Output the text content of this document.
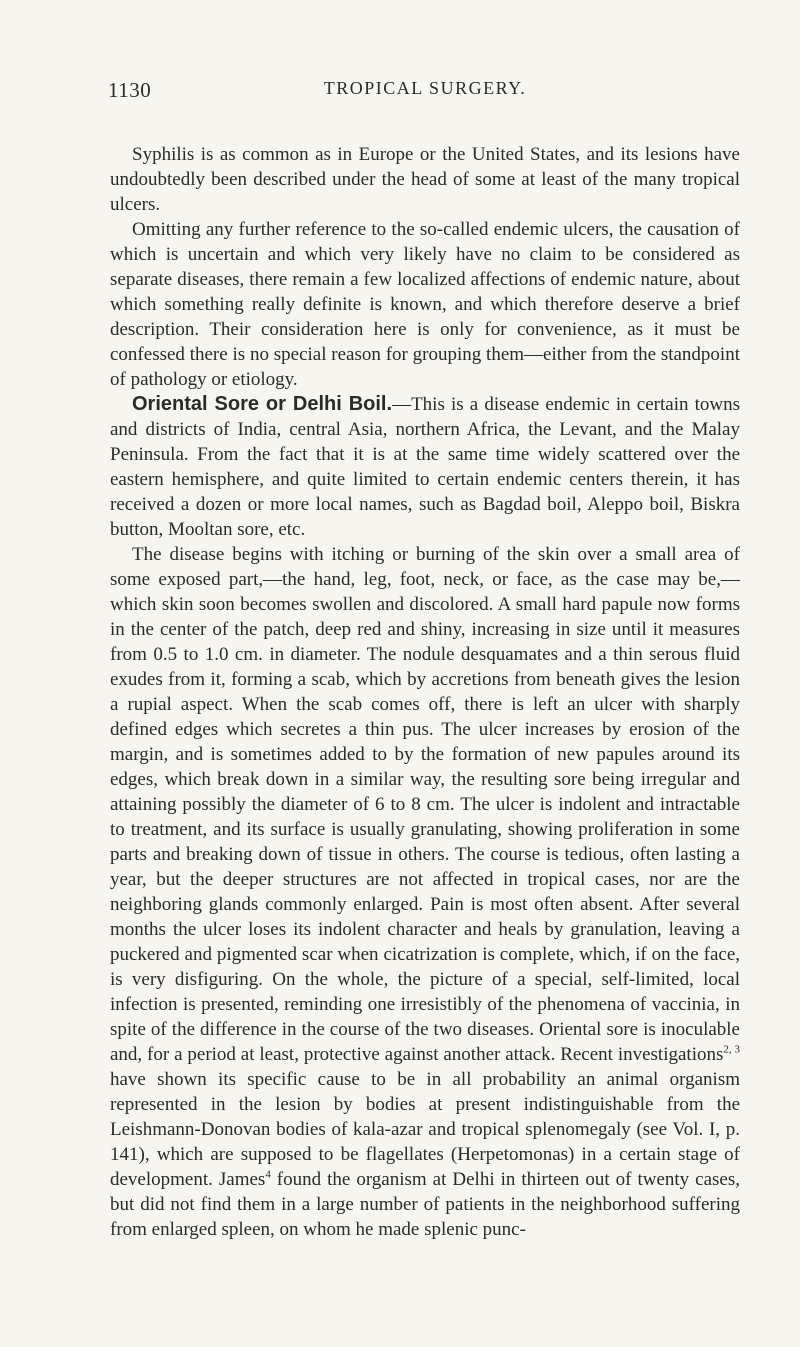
1130	TROPICAL SURGERY.

Syphilis is as common as in Europe or the United States, and its lesions have undoubtedly been described under the head of some at least of the many tropical ulcers.

Omitting any further reference to the so-called endemic ulcers, the causation of which is uncertain and which very likely have no claim to be considered as separate diseases, there remain a few localized affections of endemic nature, about which something really definite is known, and which therefore deserve a brief description. Their consideration here is only for convenience, as it must be confessed there is no special reason for grouping them—either from the standpoint of pathology or etiology.

Oriental Sore or Delhi Boil.—This is a disease endemic in certain towns and districts of India, central Asia, northern Africa, the Levant, and the Malay Peninsula. From the fact that it is at the same time widely scattered over the eastern hemisphere, and quite limited to certain endemic centers therein, it has received a dozen or more local names, such as Bagdad boil, Aleppo boil, Biskra button, Mooltan sore, etc.

The disease begins with itching or burning of the skin over a small area of some exposed part,—the hand, leg, foot, neck, or face, as the case may be,—which skin soon becomes swollen and discolored. A small hard papule now forms in the center of the patch, deep red and shiny, increasing in size until it measures from 0.5 to 1.0 cm. in diameter. The nodule desquamates and a thin serous fluid exudes from it, forming a scab, which by accretions from beneath gives the lesion a rupial aspect. When the scab comes off, there is left an ulcer with sharply defined edges which secretes a thin pus. The ulcer increases by erosion of the margin, and is sometimes added to by the formation of new papules around its edges, which break down in a similar way, the resulting sore being irregular and attaining possibly the diameter of 6 to 8 cm. The ulcer is indolent and intractable to treatment, and its surface is usually granulating, showing proliferation in some parts and breaking down of tissue in others. The course is tedious, often lasting a year, but the deeper structures are not affected in tropical cases, nor are the neighboring glands commonly enlarged. Pain is most often absent. After several months the ulcer loses its indolent character and heals by granulation, leaving a puckered and pigmented scar when cicatrization is complete, which, if on the face, is very disfiguring. On the whole, the picture of a special, self-limited, local infection is presented, reminding one irresistibly of the phenomena of vaccinia, in spite of the difference in the course of the two diseases. Oriental sore is inoculable and, for a period at least, protective against another attack. Recent investigations$^{2, 3}$ have shown its specific cause to be in all probability an animal organism represented in the lesion by bodies at present indistinguishable from the Leishmann-Donovan bodies of kala-azar and tropical splenomegaly (see Vol. I, p. 141), which are supposed to be flagellates (Herpetomonas) in a certain stage of development. James$^4$ found the organism at Delhi in thirteen out of twenty cases, but did not find them in a large number of patients in the neighborhood suffering from enlarged spleen, on whom he made splenic punc-
